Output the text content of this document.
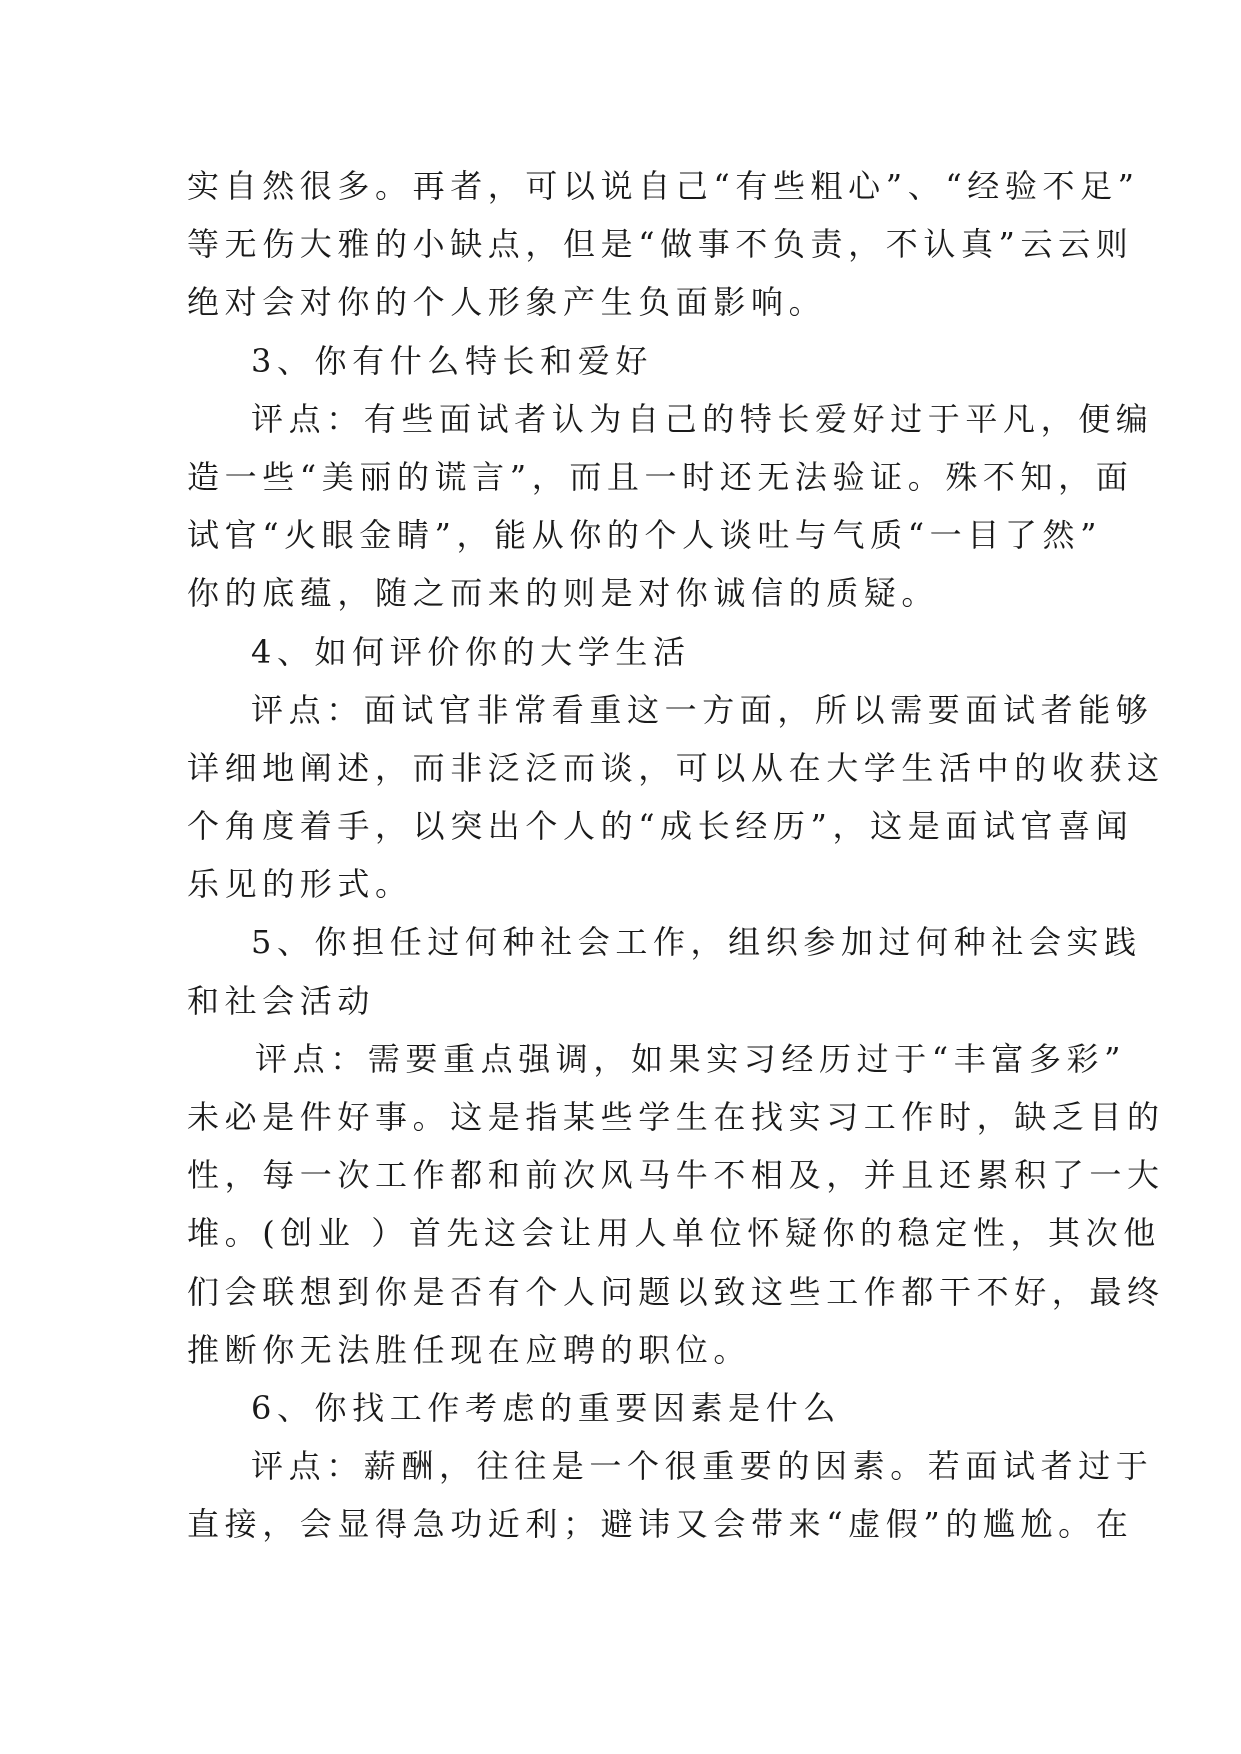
实自然很多。再者，可以说自己“有些粗心”、“经验不足”
等无伤大雅的小缺点，但是“做事不负责，不认真”云云则
绝对会对你的个人形象产生负面影响。
3、你有什么特长和爱好
评点：有些面试者认为自己的特长爱好过于平凡，便编
造一些“美丽的谎言”，而且一时还无法验证。殊不知，面
试官“火眼金睛”，能从你的个人谈吐与气质“一目了然”
你的底蕴，随之而来的则是对你诚信的质疑。
4、如何评价你的大学生活
评点：面试官非常看重这一方面，所以需要面试者能够
详细地阐述，而非泛泛而谈，可以从在大学生活中的收获这
个角度着手，以突出个人的“成长经历”，这是面试官喜闻
乐见的形式。
5、你担任过何种社会工作，组织参加过何种社会实践
和社会活动
评点：需要重点强调，如果实习经历过于“丰富多彩”
未必是件好事。这是指某些学生在找实习工作时，缺乏目的
性，每一次工作都和前次风马牛不相及，并且还累积了一大
堆。(创业 ）首先这会让用人单位怀疑你的稳定性，其次他
们会联想到你是否有个人问题以致这些工作都干不好，最终
推断你无法胜任现在应聘的职位。
6、你找工作考虑的重要因素是什么
评点：薪酬，往往是一个很重要的因素。若面试者过于
直接，会显得急功近利；避讳又会带来“虚假”的尴尬。在
